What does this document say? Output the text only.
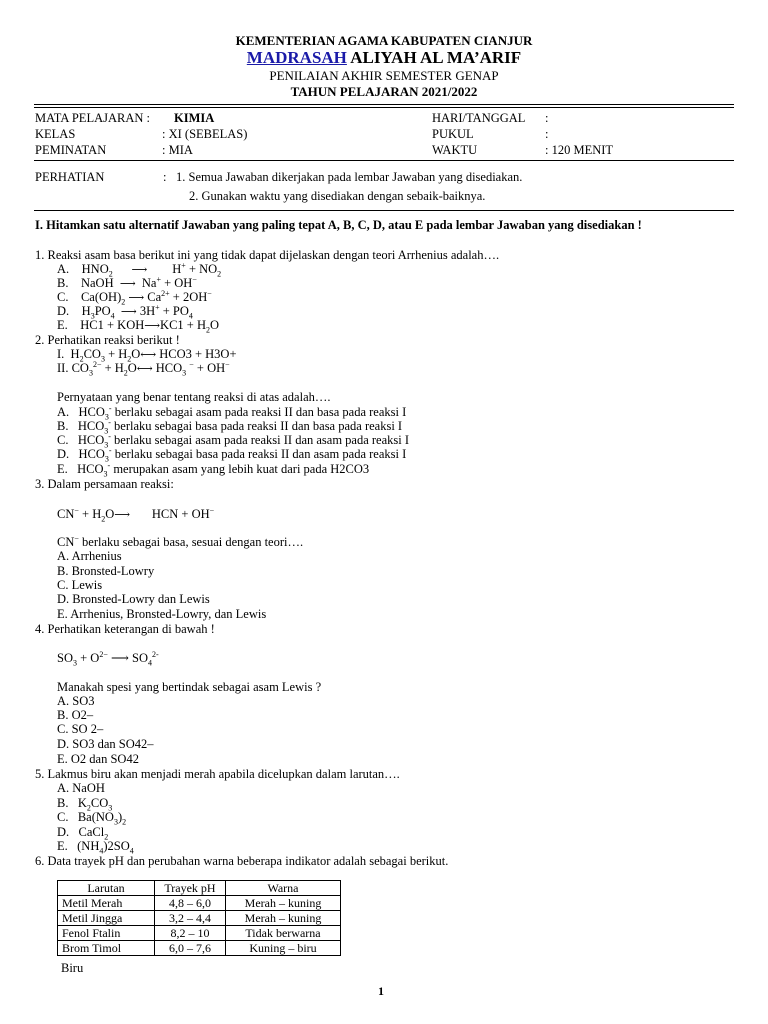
KEMENTERIAN AGAMA KABUPATEN CIANJUR
MADRASAH ALIYAH AL MA’ARIF
PENILAIAN AKHIR SEMESTER GENAP
TAHUN PELAJARAN 2021/2022
MATA PELAJARAN : KIMIA
KELAS	: XI (SEBELAS)
PEMINATAN	: MIA
HARI/TANGGAL :
PUKUL	:
WAKTU	: 120 MENIT
PERHATIAN	: 1. Semua Jawaban dikerjakan pada lembar Jawaban yang disediakan.
2. Gunakan waktu yang disediakan dengan sebaik-baiknya.
I. Hitamkan satu alternatif Jawaban yang paling tepat A, B, C, D, atau E pada lembar Jawaban yang disediakan !
1. Reaksi asam basa berikut ini yang tidak dapat dijelaskan dengan teori Arrhenius adalah….
A.    $HNO_2$ ⟶        $H^+ + NO_2$
B.    NaOH  ⟶  Na+ + OH−
C.    $Ca(OH)_2$ ⟶ $Ca^{2+} + 2OH^-$
D.    $H_3PO_4$ ⟶ $3H^+ + PO_4$
E.    HC1 + KOH⟶KC1 + $H_2O$
2. Perhatikan reaksi berikut !
I.  $H_2CO_3$ + $H_2O⟷$ HCO3 + H3O+
II. $CO_3^{2-}$ + $H_2O⟷$ $HCO_3$ − + OH−
Pernyataan yang benar tentang reaksi di atas adalah….
A.   $HCO_3^-$ berlaku sebagai asam pada reaksi II dan basa pada reaksi I
B.   $HCO_3^-$ berlaku sebagai basa pada reaksi II dan basa pada reaksi I
C.   $HCO_3^-$ berlaku sebagai asam pada reaksi II dan asam pada reaksi I
D.   $HCO_3^-$ berlaku sebagai basa pada reaksi II dan asam pada reaksi I
E.   $HCO_3^-$ merupakan asam yang lebih kuat dari pada H2CO3
3. Dalam persamaan reaksi:
$CN^- + H_2O⟶$       HCN + OH−
CN− berlaku sebagai basa, sesuai dengan teori….
A. Arrhenius
B. Bronsted-Lowry
C. Lewis
D. Bronsted-Lowry dan Lewis
E. Arrhenius, Bronsted-Lowry, dan Lewis
4. Perhatikan keterangan di bawah !
$SO_3 + O^{2-}$ ⟶ $SO_4^{2-}$
Manakah spesi yang bertindak sebagai asam Lewis ?
A. SO3
B. O2–
C. SO 2–
D. SO3 dan SO42–
E. O2 dan SO42
5. Lakmus biru akan menjadi merah apabila dicelupkan dalam larutan….
A. NaOH
B.   $K_2CO_3$
C.   $Ba(NO_3)_2$
D.   CaCl$_2$
E.   $(NH_4)2SO_4$
6. Data trayek pH dan perubahan warna beberapa indikator adalah sebagai berikut.
Larutan	Trayek pH	Warna
Metil Merah	4,8 – 6,0	Merah – kuning
Metil Jingga	3,2 – 4,4	Merah – kuning
Fenol Ftalin	8,2 – 10	Tidak berwarna
Brom Timol	6,0 – 7,6	Kuning – biru
Biru
1
